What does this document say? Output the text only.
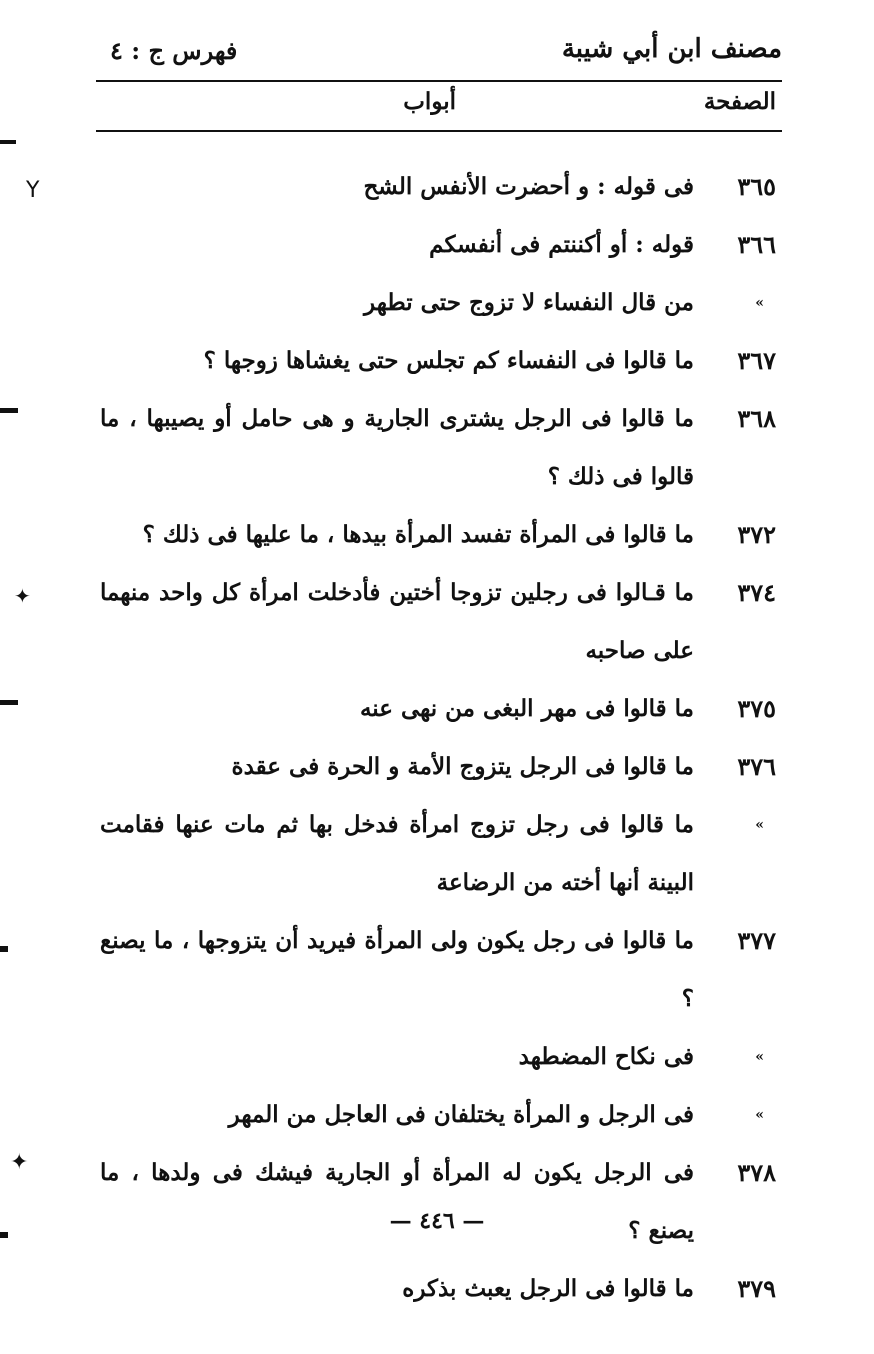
مصنف ابن أبي شيبة
فهرس ج : ٤
الصفحة
أبواب
٣٦٥
فى قوله : و أحضرت الأنفس الشح
٣٦٦
قوله : أو أكننتم فى أنفسكم
»
من قال النفساء لا تزوج حتى تطهر
٣٦٧
ما قالوا فى النفساء كم تجلس حتى يغشاها زوجها ؟
٣٦٨
ما قالوا فى الرجل يشترى الجارية و هى حامل أو يصيبها ، ما قالوا فى ذلك ؟
٣٧٢
ما قالوا فى المرأة تفسد المرأة بيدها ، ما عليها فى ذلك ؟
٣٧٤
ما قـالوا فى رجلين تزوجا أختين فأدخلت امرأة كل واحد منهما على صاحبه
٣٧٥
ما قالوا فى مهر البغى من نهى عنه
٣٧٦
ما قالوا فى الرجل يتزوج الأمة و الحرة فى عقدة
»
ما قالوا فى رجل تزوج امرأة فدخل بها ثم مات عنها فقامت البينة أنها أخته من الرضاعة
٣٧٧
ما قالوا فى رجل يكون ولى المرأة فيريد أن يتزوجها ، ما يصنع ؟
»
فى نكاح المضطهد
»
فى الرجل و المرأة يختلفان فى العاجل من المهر
٣٧٨
فى الرجل يكون له المرأة أو الجارية فيشك فى ولدها ، ما يصنع ؟
٣٧٩
ما قالوا فى الرجل يعبث بذكره
— ٤٤٦ —
Y
✦
✦
